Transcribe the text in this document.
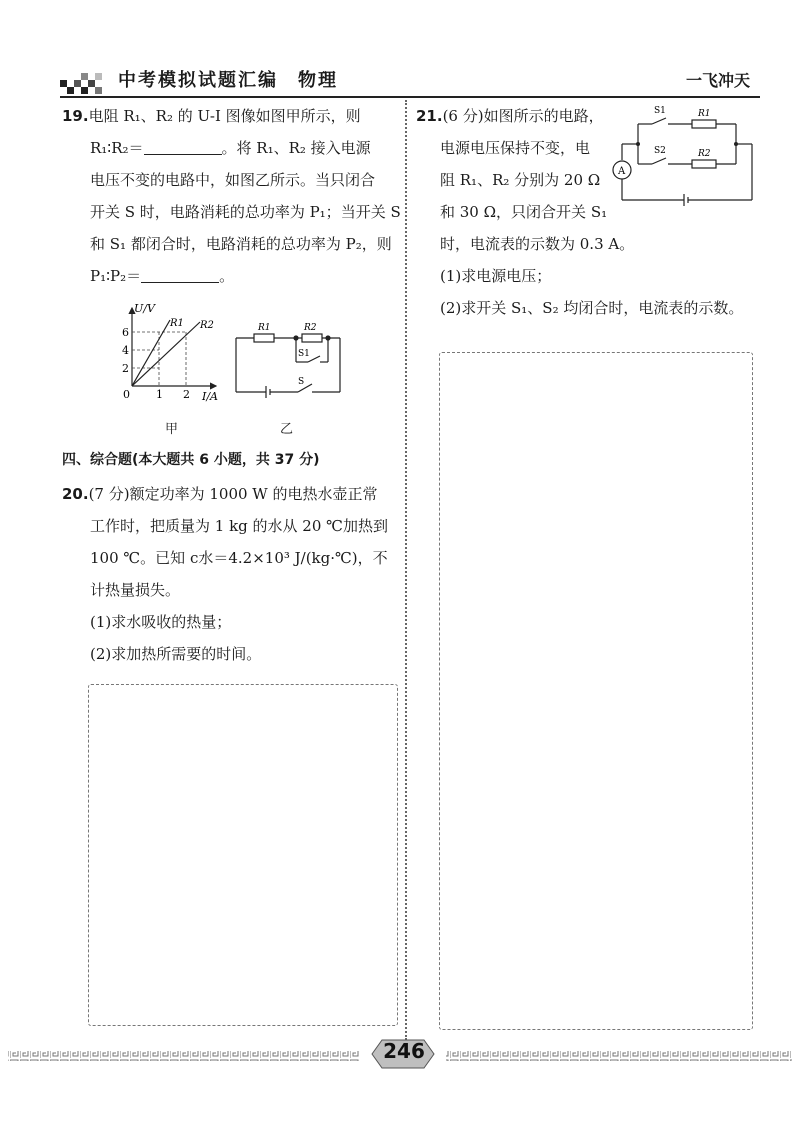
中考模拟试题汇编　物理	一飞冲天

19.电阻 R₁、R₂ 的 U-I 图像如图甲所示，则

R₁∶R₂＝	。将 R₁、R₂ 接入电源

电压不变的电路中，如图乙所示。当只闭合

开关 S 时，电路消耗的总功率为 P₁；当开关 S

和 S₁ 都闭合时，电路消耗的总功率为 P₂，则

P₁∶P₂＝	。

U/V
I/A
0
2
4
6
1 2
R1 R2
甲
R1	R2
S1
S
乙
四、综合题(本大题共 6 小题，共 37 分)

20.(7 分)额定功率为 1000 W 的电热水壶正常

工作时，把质量为 1 kg 的水从 20 ℃加热到

100 ℃。已知 c水＝4.2×10³ J/(kg·℃)，不

计热量损失。

(1)求水吸收的热量；

(2)求加热所需要的时间。

21.(6 分)如图所示的电路，

电源电压保持不变，电

阻 R₁、R₂ 分别为 20 Ω

和 30 Ω，只闭合开关 S₁

时，电流表的示数为 0.3 A。

(1)求电源电压；

(2)求开关 S₁、S₂ 均闭合时，电流表的示数。

S1	R1
S2	R2
A
246
